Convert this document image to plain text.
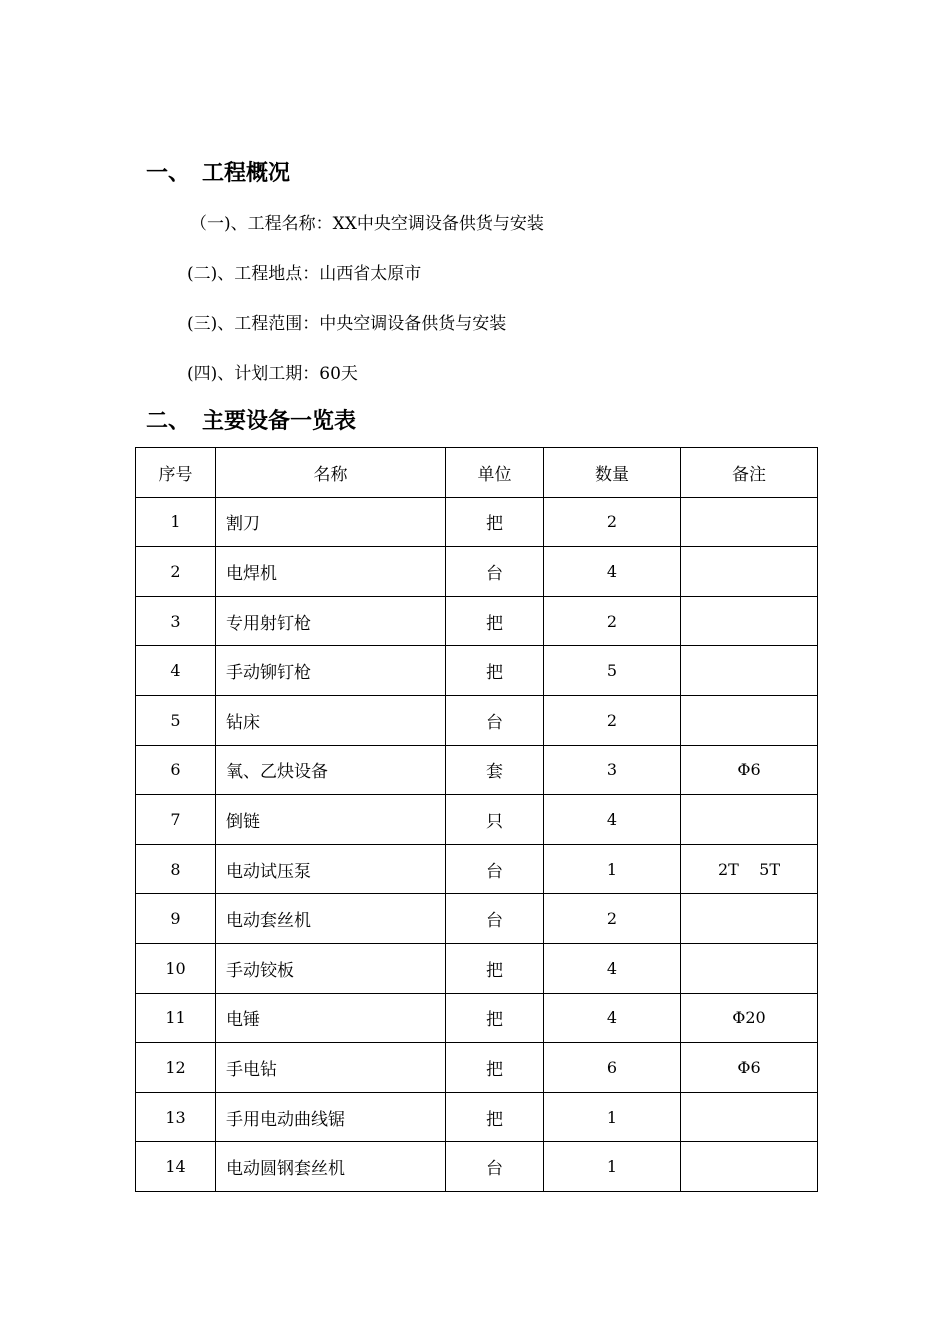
一、 工程概况
（一)、工程名称：XX中央空调设备供货与安装
(二)、工程地点：山西省太原市
(三)、工程范围：中央空调设备供货与安装
(四)、计划工期：60天
二、 主要设备一览表
序号	名称	单位	数量	备注
1	割刀	把	2	
2	电焊机	台	4	
3	专用射钉枪	把	2	
4	手动铆钉枪	把	5	
5	钻床	台	2	
6	氧、乙炔设备	套	3	Φ6
7	倒链	只	4	
8	电动试压泵	台	1	2T    5T
9	电动套丝机	台	2	
10	手动铰板	把	4	
11	电锤	把	4	Φ20
12	手电钻	把	6	Φ6
13	手用电动曲线锯	把	1	
14	电动圆钢套丝机	台	1	
